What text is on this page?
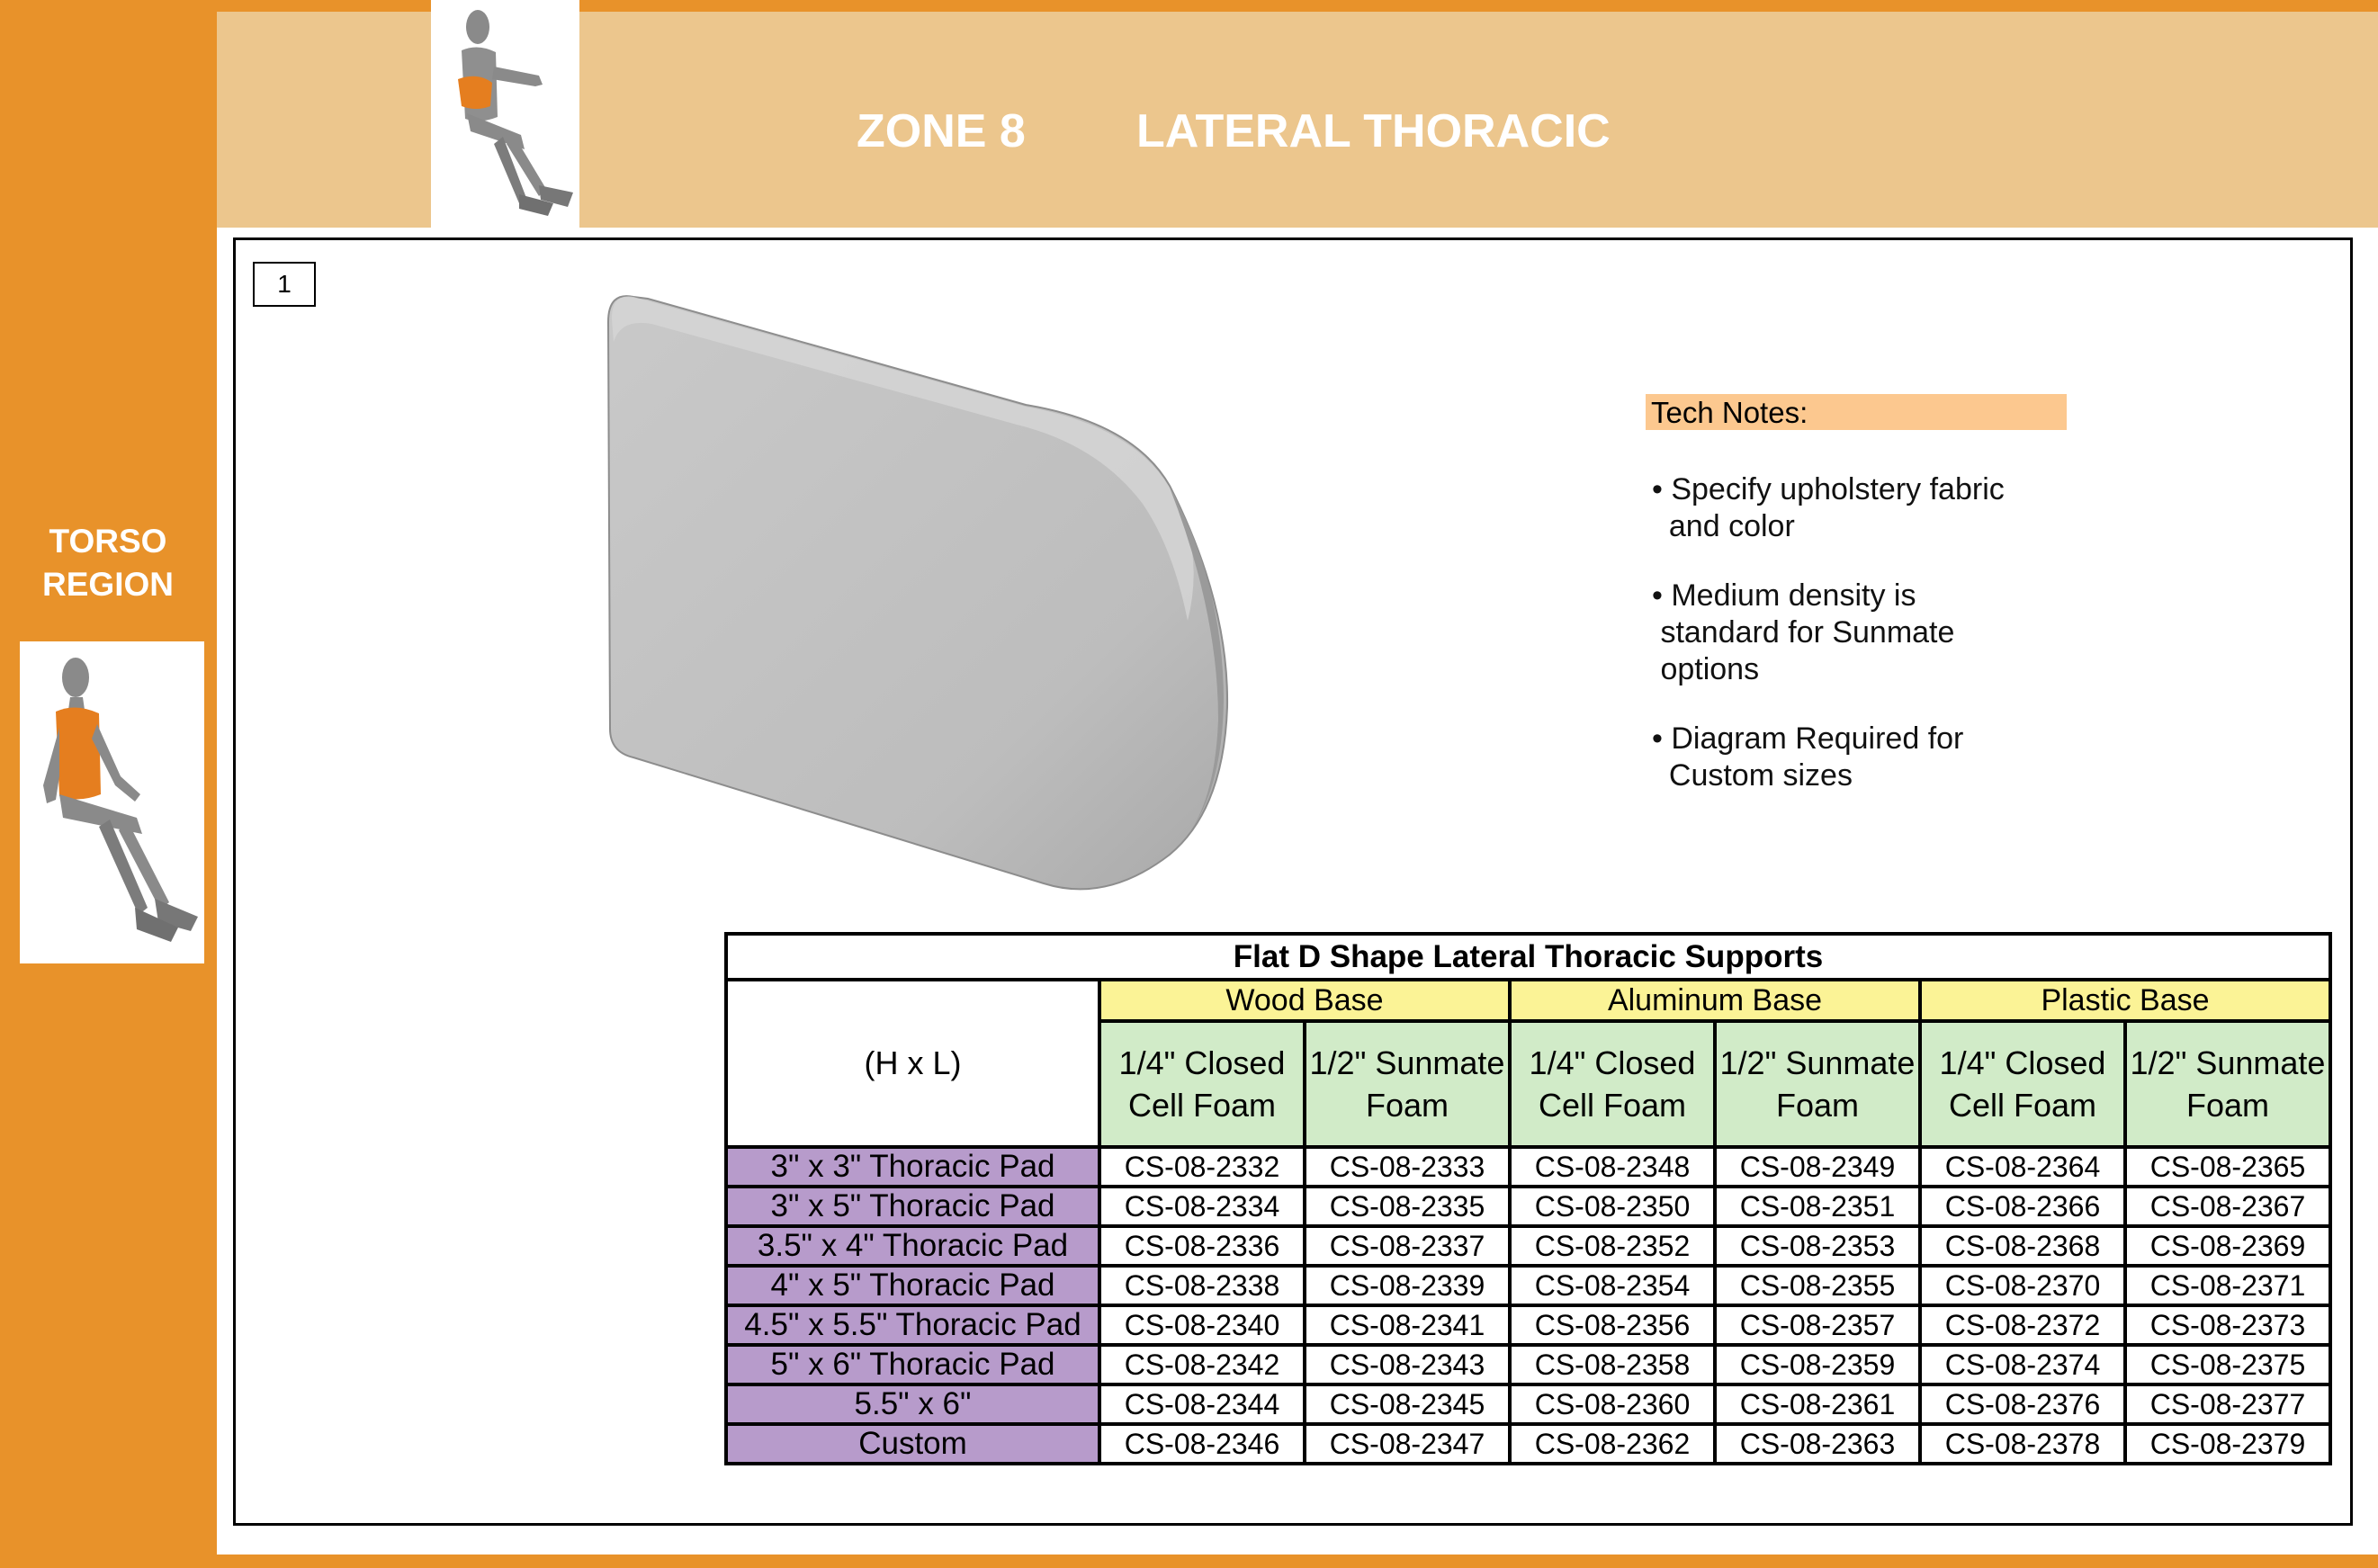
TORSO
REGION
ZONE 8 LATERAL THORACIC
1
Tech Notes:
• Specify upholstery fabric
and color
• Medium density is
standard for Sunmate
options
• Diagram Required for
Custom sizes
Flat D Shape Lateral Thoracic Supports						
(H x L)	Wood Base		Aluminum Base		Plastic Base	
	1/4" Closed
Cell Foam	1/2" Sunmate
Foam	1/4" Closed
Cell Foam	1/2" Sunmate
Foam	1/4" Closed
Cell Foam	1/2" Sunmate
Foam
3" x 3" Thoracic Pad	CS-08-2332	CS-08-2333	CS-08-2348	CS-08-2349	CS-08-2364	CS-08-2365
3" x 5" Thoracic Pad	CS-08-2334	CS-08-2335	CS-08-2350	CS-08-2351	CS-08-2366	CS-08-2367
3.5" x 4" Thoracic Pad	CS-08-2336	CS-08-2337	CS-08-2352	CS-08-2353	CS-08-2368	CS-08-2369
4" x 5" Thoracic Pad	CS-08-2338	CS-08-2339	CS-08-2354	CS-08-2355	CS-08-2370	CS-08-2371
4.5" x 5.5" Thoracic Pad	CS-08-2340	CS-08-2341	CS-08-2356	CS-08-2357	CS-08-2372	CS-08-2373
5" x 6" Thoracic Pad	CS-08-2342	CS-08-2343	CS-08-2358	CS-08-2359	CS-08-2374	CS-08-2375
5.5" x 6"	CS-08-2344	CS-08-2345	CS-08-2360	CS-08-2361	CS-08-2376	CS-08-2377
Custom	CS-08-2346	CS-08-2347	CS-08-2362	CS-08-2363	CS-08-2378	CS-08-2379
